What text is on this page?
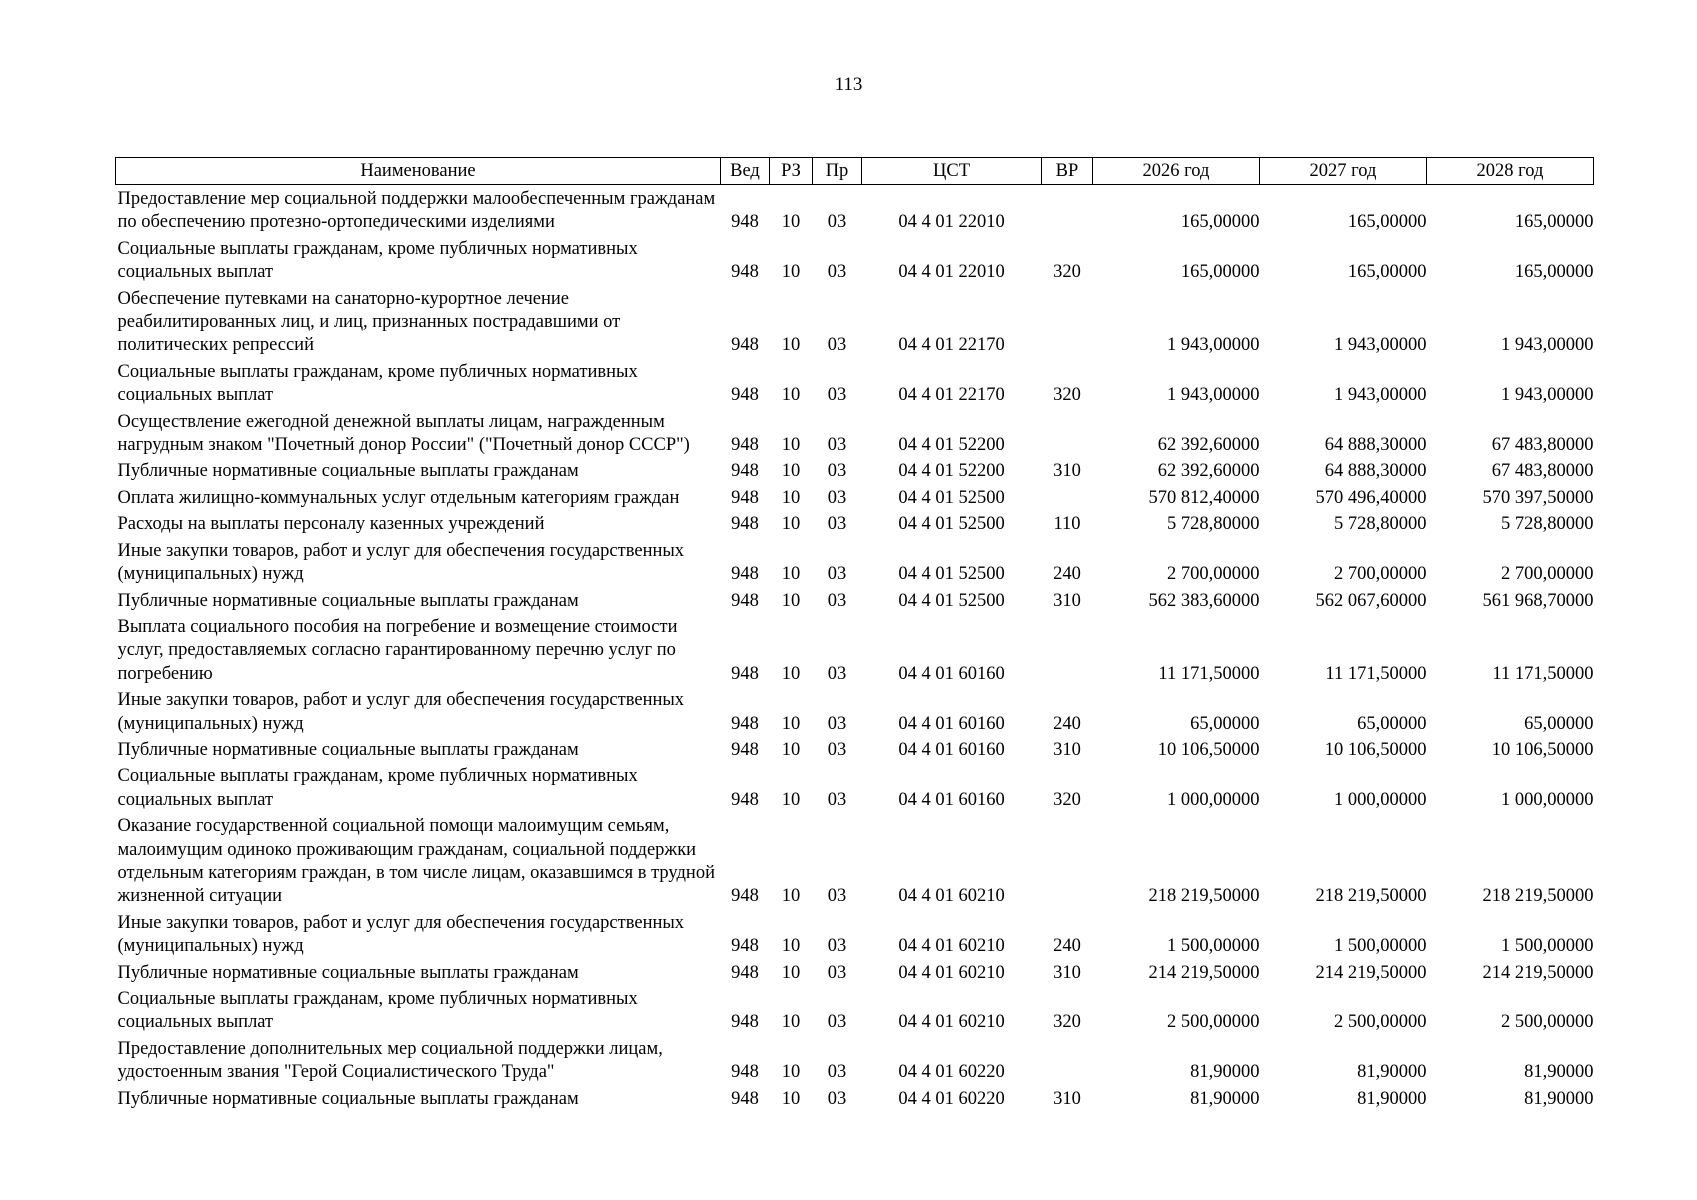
113
Наименование	Вед	РЗ	Пр	ЦСТ	ВР	2026 год	2027 год	2028 год
Предоставление мер социальной поддержки малообеспеченным гражданам по обеспечению протезно-ортопедическими изделиями	948	10	03	04 4 01 22010		165,00000	165,00000	165,00000
Социальные выплаты гражданам, кроме публичных нормативных социальных выплат	948	10	03	04 4 01 22010	320	165,00000	165,00000	165,00000
Обеспечение путевками на санаторно-курортное лечение реабилитированных лиц, и лиц, признанных пострадавшими от политических репрессий	948	10	03	04 4 01 22170		1 943,00000	1 943,00000	1 943,00000
Социальные выплаты гражданам, кроме публичных нормативных социальных выплат	948	10	03	04 4 01 22170	320	1 943,00000	1 943,00000	1 943,00000
Осуществление ежегодной денежной выплаты лицам, награжденным нагрудным знаком "Почетный донор России" ("Почетный донор СССР")	948	10	03	04 4 01 52200		62 392,60000	64 888,30000	67 483,80000
Публичные нормативные социальные выплаты гражданам	948	10	03	04 4 01 52200	310	62 392,60000	64 888,30000	67 483,80000
Оплата жилищно-коммунальных услуг отдельным категориям граждан	948	10	03	04 4 01 52500		570 812,40000	570 496,40000	570 397,50000
Расходы на выплаты персоналу казенных учреждений	948	10	03	04 4 01 52500	110	5 728,80000	5 728,80000	5 728,80000
Иные закупки товаров, работ и услуг для обеспечения государственных (муниципальных) нужд	948	10	03	04 4 01 52500	240	2 700,00000	2 700,00000	2 700,00000
Публичные нормативные социальные выплаты гражданам	948	10	03	04 4 01 52500	310	562 383,60000	562 067,60000	561 968,70000
Выплата социального пособия на погребение и возмещение стоимости услуг, предоставляемых согласно гарантированному перечню услуг по погребению	948	10	03	04 4 01 60160		11 171,50000	11 171,50000	11 171,50000
Иные закупки товаров, работ и услуг для обеспечения государственных (муниципальных) нужд	948	10	03	04 4 01 60160	240	65,00000	65,00000	65,00000
Публичные нормативные социальные выплаты гражданам	948	10	03	04 4 01 60160	310	10 106,50000	10 106,50000	10 106,50000
Социальные выплаты гражданам, кроме публичных нормативных социальных выплат	948	10	03	04 4 01 60160	320	1 000,00000	1 000,00000	1 000,00000
Оказание государственной социальной помощи малоимущим семьям, малоимущим одиноко проживающим гражданам, социальной поддержки отдельным категориям граждан, в том числе лицам, оказавшимся в трудной жизненной ситуации	948	10	03	04 4 01 60210		218 219,50000	218 219,50000	218 219,50000
Иные закупки товаров, работ и услуг для обеспечения государственных (муниципальных) нужд	948	10	03	04 4 01 60210	240	1 500,00000	1 500,00000	1 500,00000
Публичные нормативные социальные выплаты гражданам	948	10	03	04 4 01 60210	310	214 219,50000	214 219,50000	214 219,50000
Социальные выплаты гражданам, кроме публичных нормативных социальных выплат	948	10	03	04 4 01 60210	320	2 500,00000	2 500,00000	2 500,00000
Предоставление дополнительных мер социальной поддержки лицам, удостоенным звания "Герой Социалистического Труда"	948	10	03	04 4 01 60220		81,90000	81,90000	81,90000
Публичные нормативные социальные выплаты гражданам	948	10	03	04 4 01 60220	310	81,90000	81,90000	81,90000
